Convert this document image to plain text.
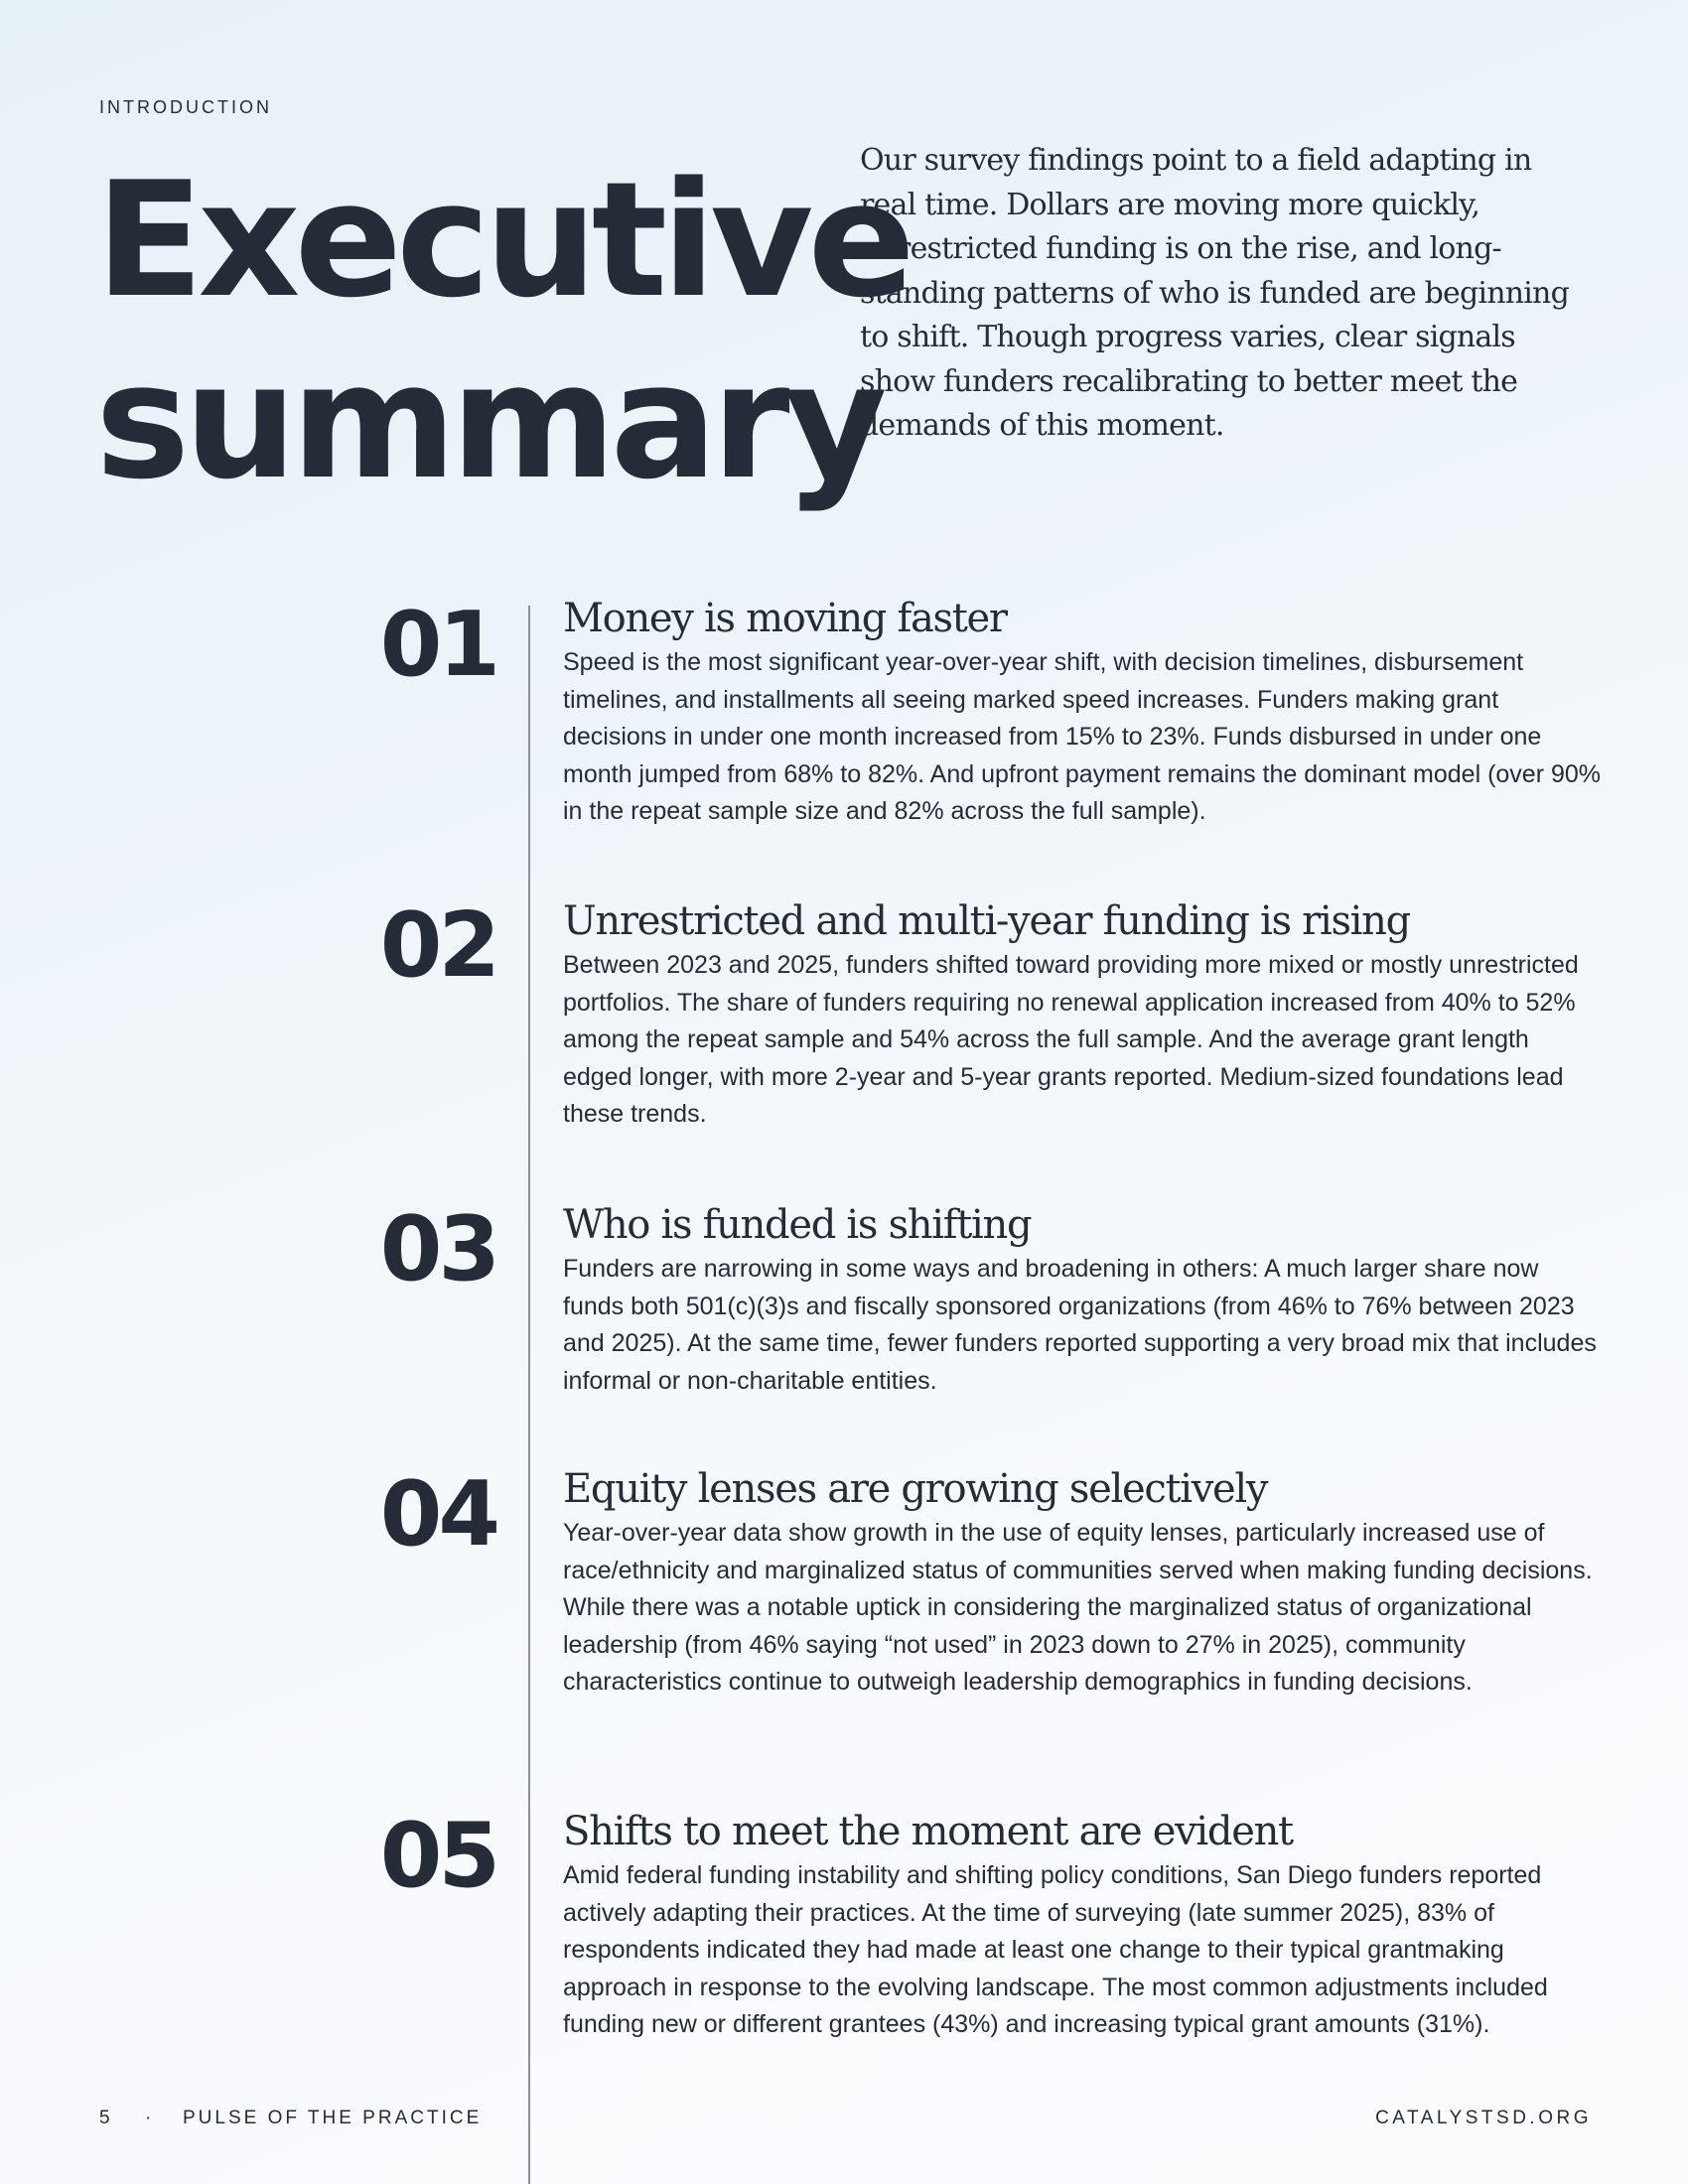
INTRODUCTION
Executive
summary

Our survey findings point to a field adapting in real time. Dollars are moving more quickly, unrestricted funding is on the rise, and long-standing patterns of who is funded are beginning to shift. Though progress varies, clear signals show funders recalibrating to better meet the demands of this moment.

01 Money is moving faster

Speed is the most significant year-over-year shift, with decision timelines, disbursement timelines, and installments all seeing marked speed increases. Funders making grant decisions in under one month increased from 15% to 23%. Funds disbursed in under one month jumped from 68% to 82%. And upfront payment remains the dominant model (over 90% in the repeat sample size and 82% across the full sample).

02 Unrestricted and multi-year funding is rising

Between 2023 and 2025, funders shifted toward providing more mixed or mostly unrestricted portfolios. The share of funders requiring no renewal application increased from 40% to 52% among the repeat sample and 54% across the full sample. And the average grant length edged longer, with more 2-year and 5-year grants reported. Medium-sized foundations lead these trends.

03 Who is funded is shifting

Funders are narrowing in some ways and broadening in others: A much larger share now funds both 501(c)(3)s and fiscally sponsored organizations (from 46% to 76% between 2023 and 2025). At the same time, fewer funders reported supporting a very broad mix that includes informal or non-charitable entities.

04 Equity lenses are growing selectively

Year-over-year data show growth in the use of equity lenses, particularly increased use of race/ethnicity and marginalized status of communities served when making funding decisions. While there was a notable uptick in considering the marginalized status of organizational leadership (from 46% saying “not used” in 2023 down to 27% in 2025), community characteristics continue to outweigh leadership demographics in funding decisions.

05 Shifts to meet the moment are evident

Amid federal funding instability and shifting policy conditions, San Diego funders reported actively adapting their practices. At the time of surveying (late summer 2025), 83% of respondents indicated they had made at least one change to their typical grantmaking approach in response to the evolving landscape. The most common adjustments included funding new or different grantees (43%) and increasing typical grant amounts (31%).

5 · PULSE OF THE PRACTICE	CATALYSTSD.ORG
